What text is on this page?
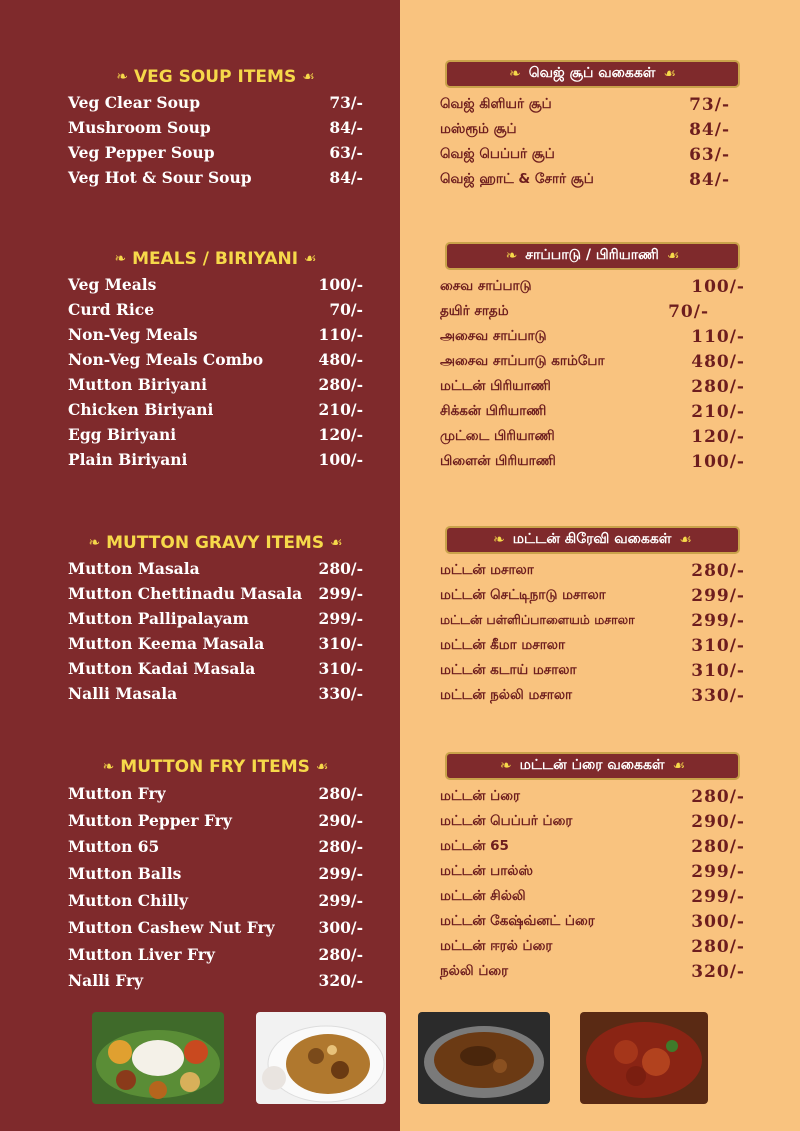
❧ VEG SOUP ITEMS ☙
Veg Clear Soup	73/-
Mushroom Soup	84/-
Veg Pepper Soup	63/-
Veg Hot & Sour Soup	84/-
❧ MEALS / BIRIYANI ☙
Veg Meals	100/-
Curd Rice	70/-
Non-Veg Meals	110/-
Non-Veg Meals Combo	480/-
Mutton Biriyani	280/-
Chicken Biriyani	210/-
Egg Biriyani	120/-
Plain Biriyani	100/-
❧ MUTTON GRAVY ITEMS ☙
Mutton Masala	280/-
Mutton Chettinadu Masala 299/-
Mutton Pallipalayam	299/-
Mutton Keema Masala	310/-
Mutton Kadai Masala	310/-
Nalli Masala	330/-
❧ MUTTON FRY ITEMS ☙
Mutton Fry	280/-
Mutton Pepper Fry	290/-
Mutton 65	280/-
Mutton Balls	299/-
Mutton Chilly	299/-
Mutton Cashew Nut Fry	300/-
Mutton Liver Fry	280/-
Nalli Fry	320/-
❧ வெஜ் சூப் வகைகள் ☙
வெஜ் கிளியர் சூப்	73/-
மஸ்ரூம் சூப்	84/-
வெஜ் பெப்பர் சூப்	63/-
வெஜ் ஹாட் & சோர் சூப்	84/-
❧ சாப்பாடு / பிரியாணி ☙
சைவ சாப்பாடு	100/-
தயிர் சாதம்	70/-
அசைவ சாப்பாடு	110/-
அசைவ சாப்பாடு காம்போ	480/-
மட்டன் பிரியாணி	280/-
சிக்கன் பிரியாணி	210/-
முட்டை பிரியாணி	120/-
பிளைன் பிரியாணி	100/-
❧ மட்டன் கிரேவி வகைகள் ☙
மட்டன் மசாலா	280/-
மட்டன் செட்டிநாடு மசாலா	299/-
மட்டன் பள்ளிப்பாளையம் மசாலா	299/-
மட்டன் கீமா மசாலா	310/-
மட்டன் கடாய் மசாலா	310/-
மட்டன் நல்லி மசாலா	330/-
❧ மட்டன் ப்ரை வகைகள் ☙
மட்டன் ப்ரை	280/-
மட்டன் பெப்பர் ப்ரை	290/-
மட்டன் 65	280/-
மட்டன் பால்ஸ்	299/-
மட்டன் சில்லி	299/-
மட்டன் கேஷ்வ்னட் ப்ரை	300/-
மட்டன் ஈரல் ப்ரை	280/-
நல்லி ப்ரை	320/-
